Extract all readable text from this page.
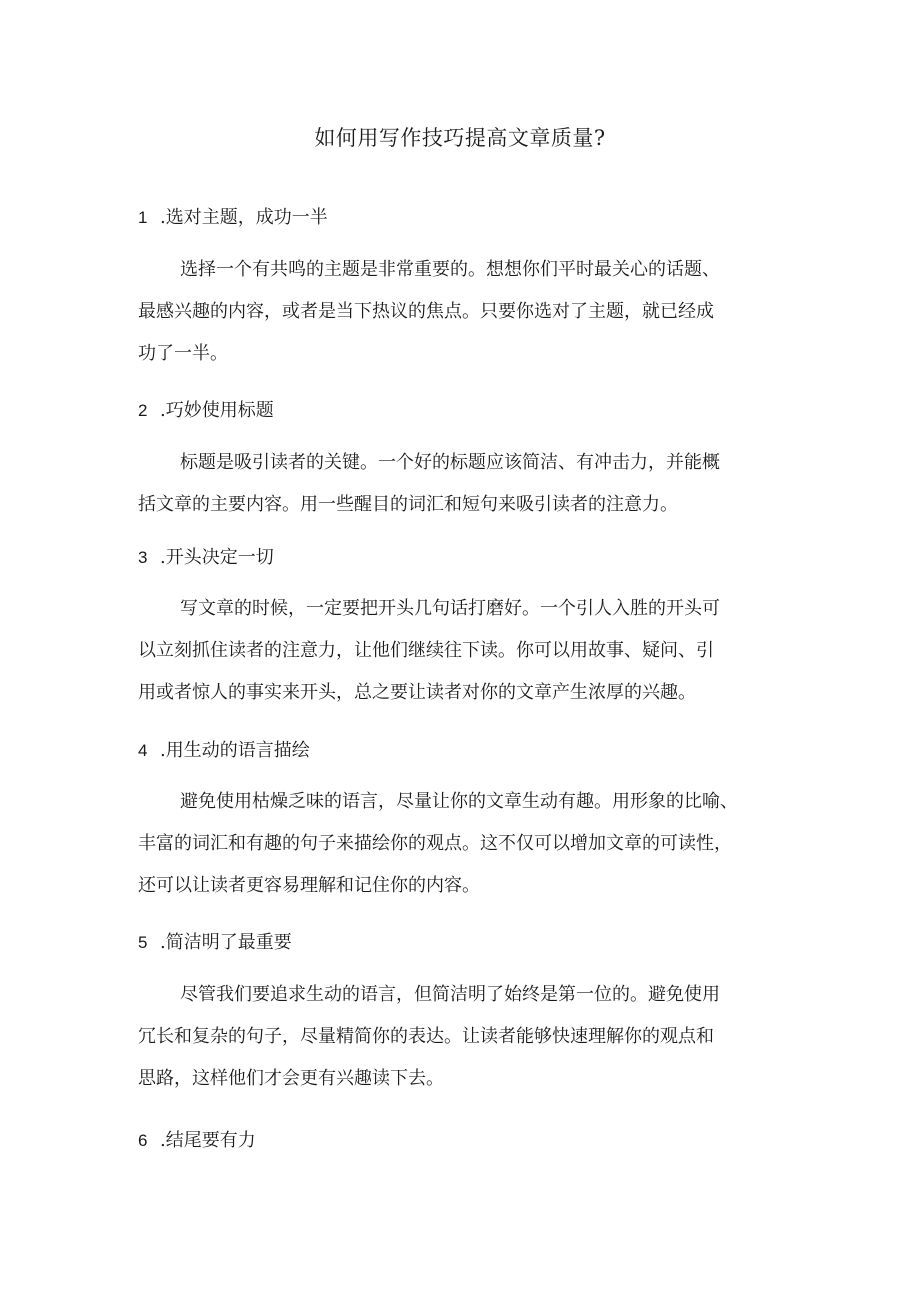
如何用写作技巧提高文章质量?

1 .选对主题，成功一半

选择一个有共鸣的主题是非常重要的。想想你们平时最关心的话题、
最感兴趣的内容，或者是当下热议的焦点。只要你选对了主题，就已经成
功了一半。

2 .巧妙使用标题

标题是吸引读者的关键。一个好的标题应该简洁、有冲击力，并能概
括文章的主要内容。用一些醒目的词汇和短句来吸引读者的注意力。

3 .开头决定一切

写文章的时候，一定要把开头几句话打磨好。一个引人入胜的开头可
以立刻抓住读者的注意力，让他们继续往下读。你可以用故事、疑问、引
用或者惊人的事实来开头，总之要让读者对你的文章产生浓厚的兴趣。

4 .用生动的语言描绘

避免使用枯燥乏味的语言，尽量让你的文章生动有趣。用形象的比喻、
丰富的词汇和有趣的句子来描绘你的观点。这不仅可以增加文章的可读性，
还可以让读者更容易理解和记住你的内容。

5 .简洁明了最重要

尽管我们要追求生动的语言，但简洁明了始终是第一位的。避免使用
冗长和复杂的句子，尽量精简你的表达。让读者能够快速理解你的观点和
思路，这样他们才会更有兴趣读下去。

6 .结尾要有力
